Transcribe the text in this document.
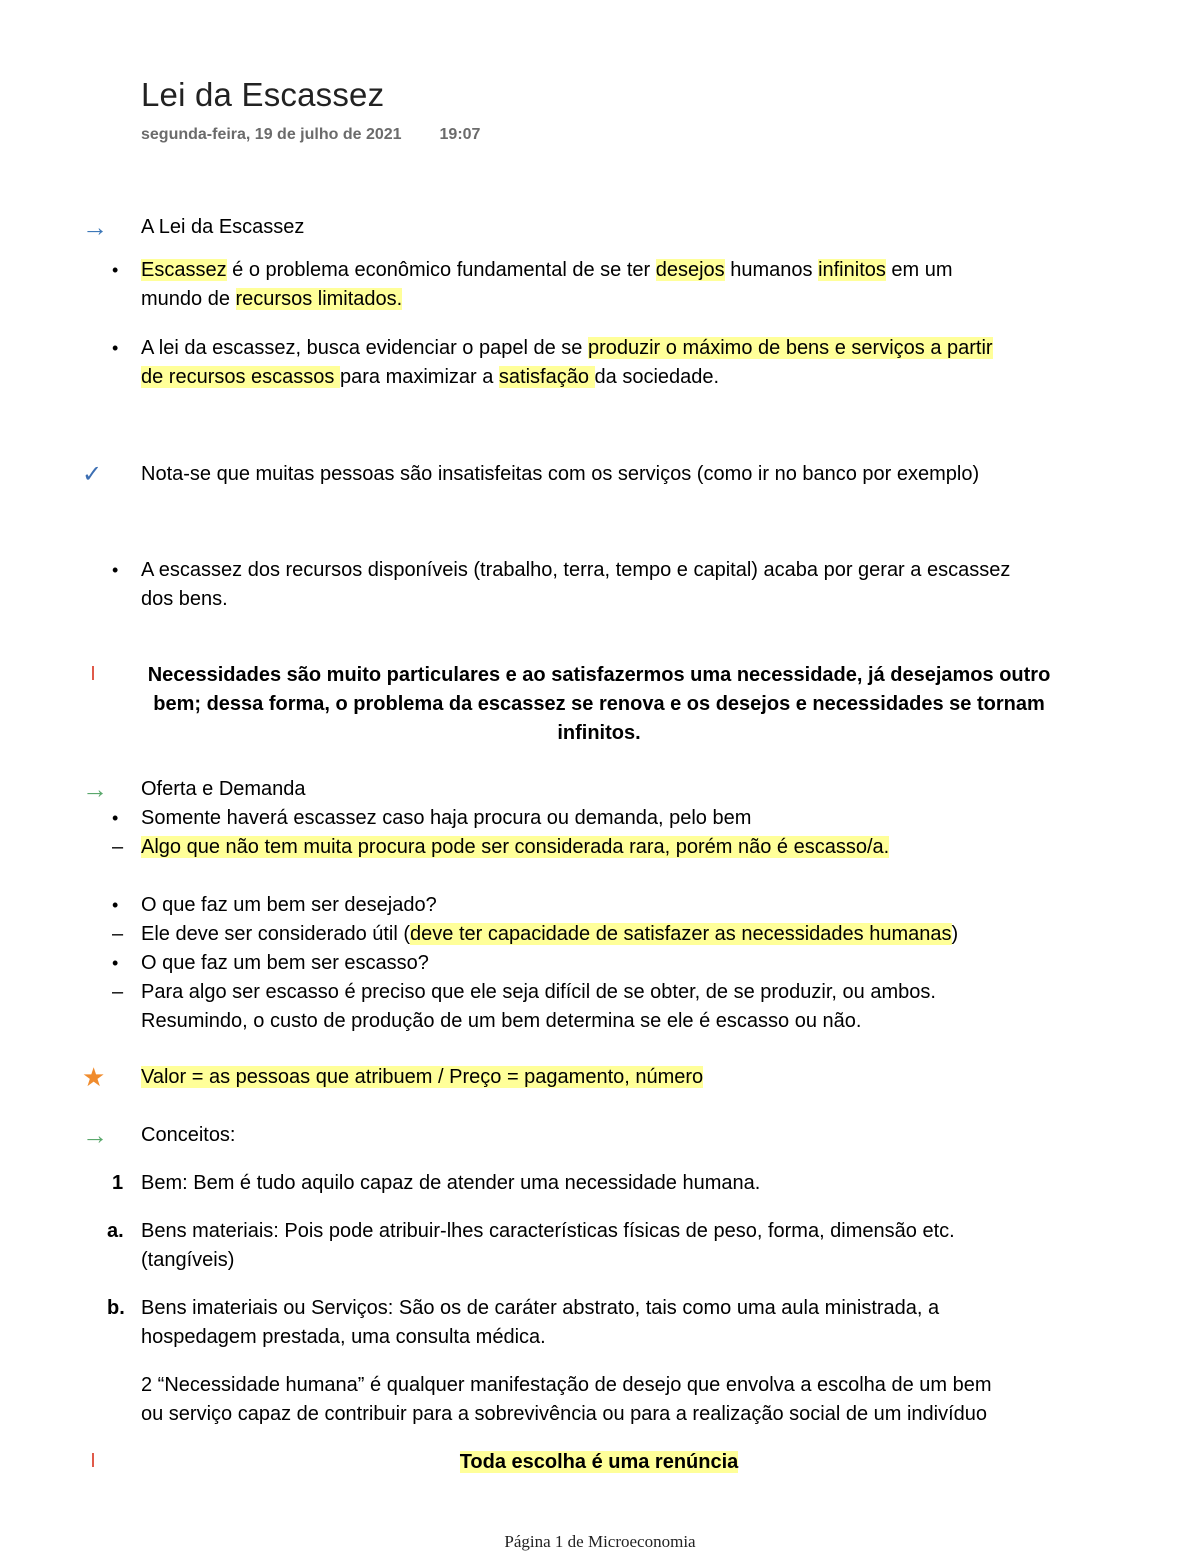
Lei da Escassez
segunda-feira, 19 de julho de 2021 19:07
→ A Lei da Escassez
• Escassez é o problema econômico fundamental de se ter desejos humanos infinitos em um
mundo de recursos limitados.
• A lei da escassez, busca evidenciar o papel de se produzir o máximo de bens e serviços a partir
de recursos escassos para maximizar a satisfação da sociedade.
✓ Nota-se que muitas pessoas são insatisfeitas com os serviços (como ir no banco por exemplo)
• A escassez dos recursos disponíveis (trabalho, terra, tempo e capital) acaba por gerar a escassez
dos bens.
Necessidades são muito particulares e ao satisfazermos uma necessidade, já desejamos outro
bem; dessa forma, o problema da escassez se renova e os desejos e necessidades se tornam
infinitos.
→ Oferta e Demanda
• Somente haverá escassez caso haja procura ou demanda, pelo bem
– Algo que não tem muita procura pode ser considerada rara, porém não é escasso/a.
• O que faz um bem ser desejado?
– Ele deve ser considerado útil (deve ter capacidade de satisfazer as necessidades humanas)
• O que faz um bem ser escasso?
– Para algo ser escasso é preciso que ele seja difícil de se obter, de se produzir, ou ambos.
Resumindo, o custo de produção de um bem determina se ele é escasso ou não.
★ Valor = as pessoas que atribuem / Preço = pagamento, número
→ Conceitos:
1 Bem: Bem é tudo aquilo capaz de atender uma necessidade humana.
a. Bens materiais: Pois pode atribuir-lhes características físicas de peso, forma, dimensão etc.
(tangíveis)
b. Bens imateriais ou Serviços: São os de caráter abstrato, tais como uma aula ministrada, a
hospedagem prestada, uma consulta médica.
2 “Necessidade humana” é qualquer manifestação de desejo que envolva a escolha de um bem
ou serviço capaz de contribuir para a sobrevivência ou para a realização social de um indivíduo
Toda escolha é uma renúncia
Página 1 de Microeconomia
